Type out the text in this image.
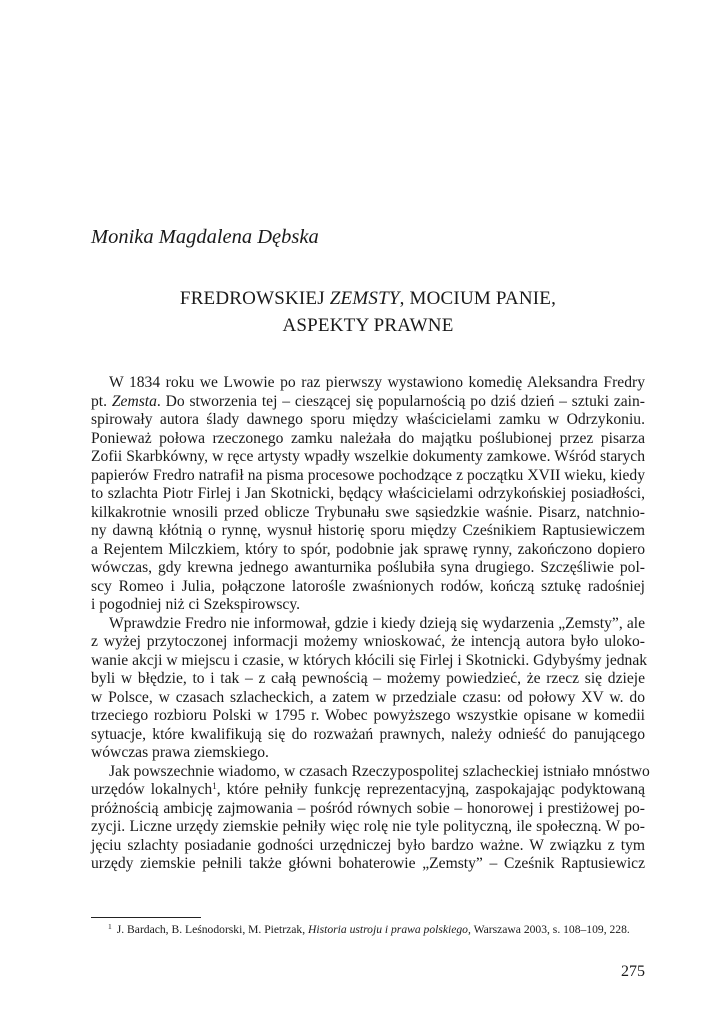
Monika Magdalena Dębska
FREDROWSKIEJ ZEMSTY, MOCIUM PANIE,
ASPEKTY PRAWNE
W 1834 roku we Lwowie po raz pierwszy wystawiono komedię Aleksandra Fredry
pt. Zemsta. Do stworzenia tej – cieszącej się popularnością po dziś dzień – sztuki zain-
spirowały autora ślady dawnego sporu między właścicielami zamku w Odrzykoniu.
Ponieważ połowa rzeczonego zamku należała do majątku poślubionej przez pisarza
Zofii Skarbkówny, w ręce artysty wpadły wszelkie dokumenty zamkowe. Wśród starych
papierów Fredro natrafił na pisma procesowe pochodzące z początku XVII wieku, kiedy
to szlachta Piotr Firlej i Jan Skotnicki, będący właścicielami odrzykońskiej posiadłości,
kilkakrotnie wnosili przed oblicze Trybunału swe sąsiedzkie waśnie. Pisarz, natchnio-
ny dawną kłótnią o rynnę, wysnuł historię sporu między Cześnikiem Raptusiewiczem
a Rejentem Milczkiem, który to spór, podobnie jak sprawę rynny, zakończono dopiero
wówczas, gdy krewna jednego awanturnika poślubiła syna drugiego. Szczęśliwie pol-
scy Romeo i Julia, połączone latorośle zwaśnionych rodów, kończą sztukę radośniej
i pogodniej niż ci Szekspirowscy.
Wprawdzie Fredro nie informował, gdzie i kiedy dzieją się wydarzenia „Zemsty”, ale
z wyżej przytoczonej informacji możemy wnioskować, że intencją autora było uloko-
wanie akcji w miejscu i czasie, w których kłócili się Firlej i Skotnicki. Gdybyśmy jednak
byli w błędzie, to i tak – z całą pewnością – możemy powiedzieć, że rzecz się dzieje
w Polsce, w czasach szlacheckich, a zatem w przedziale czasu: od połowy XV w. do
trzeciego rozbioru Polski w 1795 r. Wobec powyższego wszystkie opisane w komedii
sytuacje, które kwalifikują się do rozważań prawnych, należy odnieść do panującego
wówczas prawa ziemskiego.
Jak powszechnie wiadomo, w czasach Rzeczypospolitej szlacheckiej istniało mnóstwo
urzędów lokalnych$^1$, które pełniły funkcję reprezentacyjną, zaspokajając podyktowaną
próżnością ambicję zajmowania – pośród równych sobie – honorowej i prestiżowej po-
zycji. Liczne urzędy ziemskie pełniły więc rolę nie tyle polityczną, ile społeczną. W po-
jęciu szlachty posiadanie godności urzędniczej było bardzo ważne. W związku z tym
urzędy ziemskie pełnili także główni bohaterowie „Zemsty” – Cześnik Raptusiewicz
$^1$ J. Bardach, B. Leśnodorski, M. Pietrzak, Historia ustroju i prawa polskiego, Warszawa 2003, s. 108–109, 228.
275
